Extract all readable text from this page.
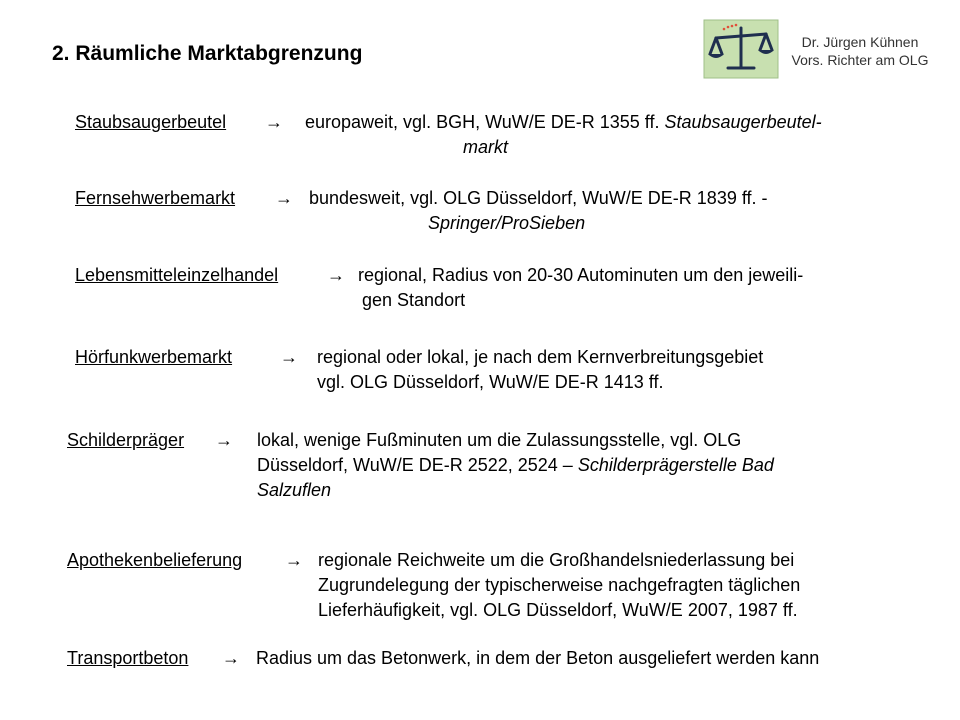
2. Räumliche Marktabgrenzung	Dr. Jürgen Kühnen
Vors. Richter am OLG
Staubsaugerbeutel → europaweit, vgl. BGH, WuW/E DE-R 1355 ff. Staubsaugerbeutel-
markt
Fernsehwerbemarkt → bundesweit, vgl. OLG Düsseldorf, WuW/E DE-R 1839 ff. -
Springer/ProSieben
Lebensmitteleinzelhandel	→ regional, Radius von 20-30 Autominuten um den jeweili-
gen Standort
Hörfunkwerbemarkt	→ regional oder lokal, je nach dem Kernverbreitungsgebiet
vgl. OLG Düsseldorf, WuW/E DE-R 1413 ff.
Schilderpräger → lokal, wenige Fußminuten um die Zulassungsstelle, vgl. OLG
Düsseldorf, WuW/E DE-R 2522, 2524 – Schilderprägerstelle Bad
Salzuflen
Apothekenbelieferung → regionale Reichweite um die Großhandelsniederlassung bei
Zugrundelegung der typischerweise nachgefragten täglichen
Lieferhäufigkeit, vgl. OLG Düsseldorf, WuW/E 2007, 1987 ff.
Transportbeton → Radius um das Betonwerk, in dem der Beton ausgeliefert werden kann
